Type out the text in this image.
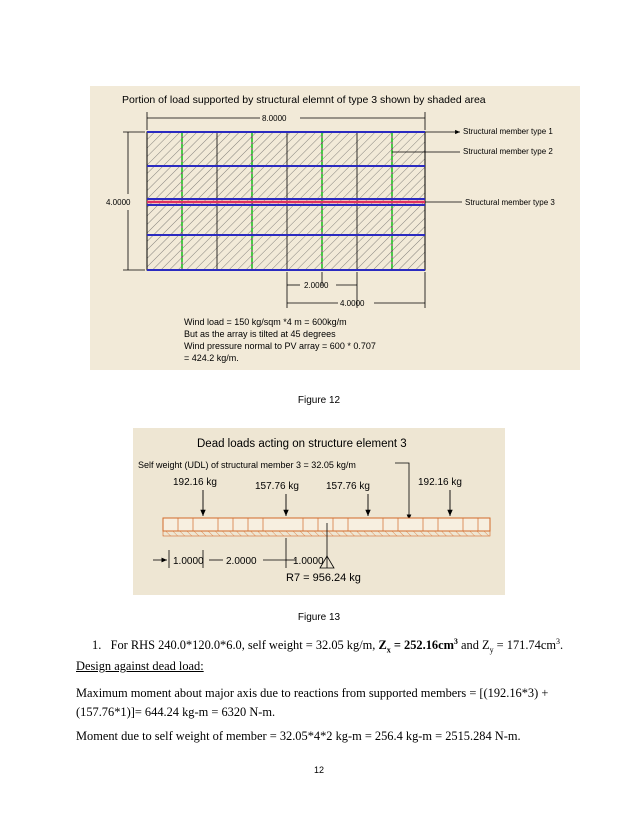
Portion of load supported by structural elemnt of type 3 shown by shaded area
8.0000
4.0000
Structural member type 1
Structural member type 2
Structural member type 3
2.0000
4.0000
Wind load = 150 kg/sqm *4 m = 600kg/m
But as the array is tilted at 45 degrees
Wind pressure normal to PV array = 600 * 0.707
= 424.2 kg/m.
Figure 12
Dead loads acting on structure element 3
Self weight (UDL) of structural member 3 = 32.05 kg/m
192.16 kg	157.76 kg	157.76 kg	192.16 kg
1.0000 2.0000	1.0000
R7 = 956.24 kg
Figure 13
1. For RHS 240.0*120.0*6.0, self weight = 32.05 kg/m, $Z_x = 252.16cm^3$ and $Z_y = 171.74cm^3$.
Design against dead load:
Maximum moment about major axis due to reactions from supported members = [(192.16*3) +
(157.76*1)]= 644.24 kg-m = 6320 N-m.
Moment due to self weight of member = 32.05*4*2 kg-m = 256.4 kg-m = 2515.284 N-m.
12
